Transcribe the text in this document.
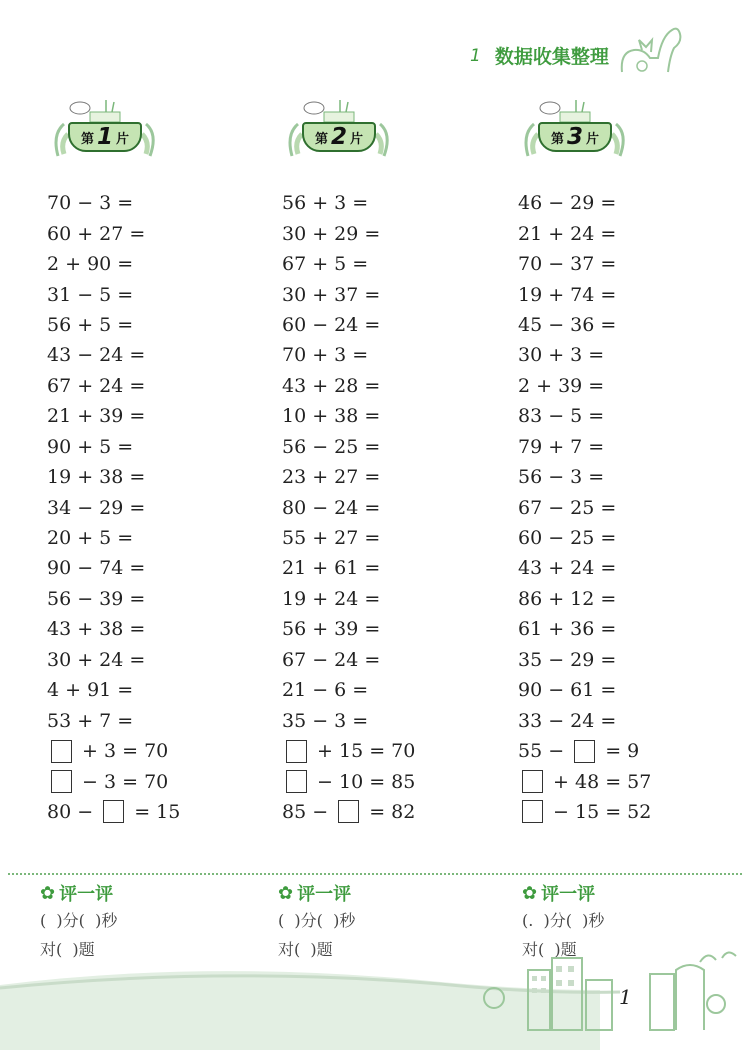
1 数据收集整理
第 1 片	第 2 片	第 3 片
70 − 3 =
60 + 27 =
2 + 90 =
31 − 5 =
56 + 5 =
43 − 24 =
67 + 24 =
21 + 39 =
90 + 5 =
19 + 38 =
34 − 29 =
20 + 5 =
90 − 74 =
56 − 39 =
43 + 38 =
30 + 24 =
4 + 91 =
53 + 7 =
+ 3 = 70
− 3 = 70
80 − = 15
56 + 3 =
30 + 29 =
67 + 5 =
30 + 37 =
60 − 24 =
70 + 3 =
43 + 28 =
10 + 38 =
56 − 25 =
23 + 27 =
80 − 24 =
55 + 27 =
21 + 61 =
19 + 24 =
56 + 39 =
67 − 24 =
21 − 6 =
35 − 3 =
+ 15 = 70
− 10 = 85
85 − = 82
46 − 29 =
21 + 24 =
70 − 37 =
19 + 74 =
45 − 36 =
30 + 3 =
2 + 39 =
83 − 5 =
79 + 7 =
56 − 3 =
67 − 25 =
60 − 25 =
43 + 24 =
86 + 12 =
61 + 36 =
35 − 29 =
90 − 61 =
33 − 24 =
55 − = 9
+ 48 = 57
− 15 = 52
✿ 评一评
(  )分(  )秒
对(  )题
✿ 评一评
(  )分(  )秒
对(  )题
✿ 评一评
(.  )分(  )秒
对(  )题
1
